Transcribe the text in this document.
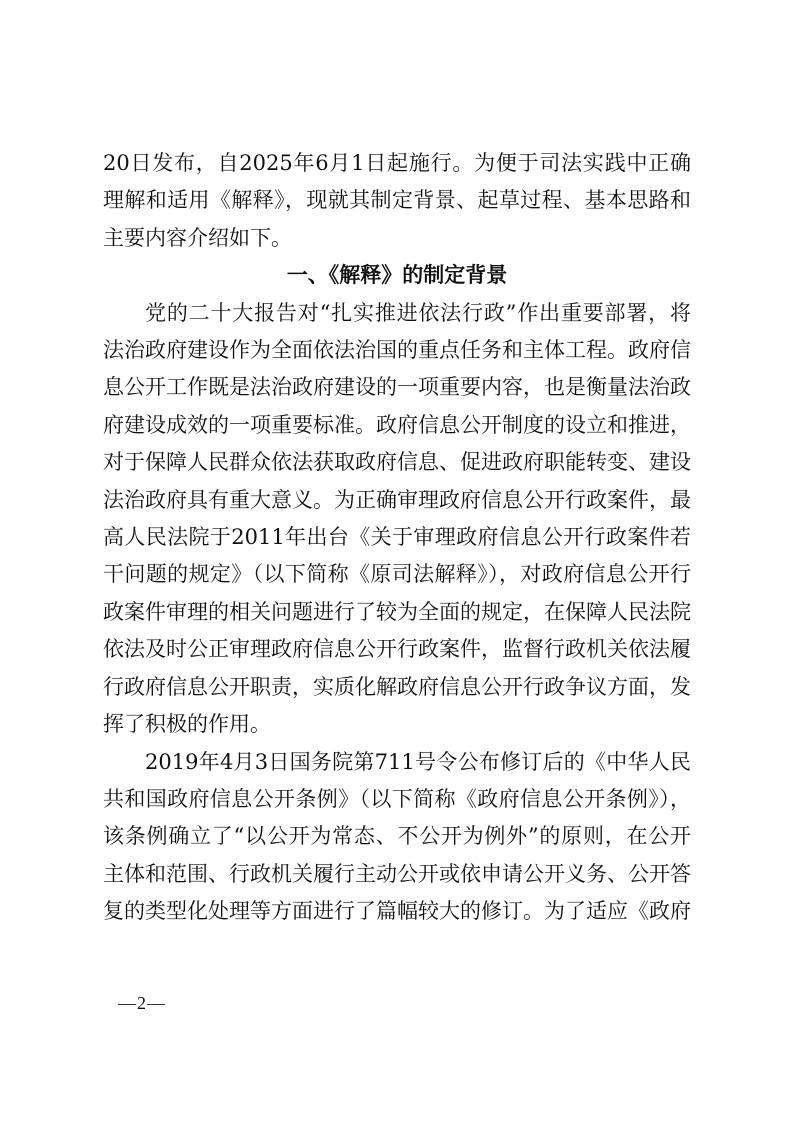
20日发布，自2025年6月1日起施行。为便于司法实践中正确理解和适用《解释》，现就其制定背景、起草过程、基本思路和主要内容介绍如下。

一、《解释》的制定背景

党的二十大报告对“扎实推进依法行政”作出重要部署，将法治政府建设作为全面依法治国的重点任务和主体工程。政府信息公开工作既是法治政府建设的一项重要内容，也是衡量法治政府建设成效的一项重要标准。政府信息公开制度的设立和推进，对于保障人民群众依法获取政府信息、促进政府职能转变、建设法治政府具有重大意义。为正确审理政府信息公开行政案件，最高人民法院于2011年出台《关于审理政府信息公开行政案件若干问题的规定》（以下简称《原司法解释》），对政府信息公开行政案件审理的相关问题进行了较为全面的规定，在保障人民法院依法及时公正审理政府信息公开行政案件，监督行政机关依法履行政府信息公开职责，实质化解政府信息公开行政争议方面，发挥了积极的作用。

2019年4月3日国务院第711号令公布修订后的《中华人民共和国政府信息公开条例》（以下简称《政府信息公开条例》），该条例确立了“以公开为常态、不公开为例外”的原则，在公开主体和范围、行政机关履行主动公开或依申请公开义务、公开答复的类型化处理等方面进行了篇幅较大的修订。为了适应《政府

—2—
